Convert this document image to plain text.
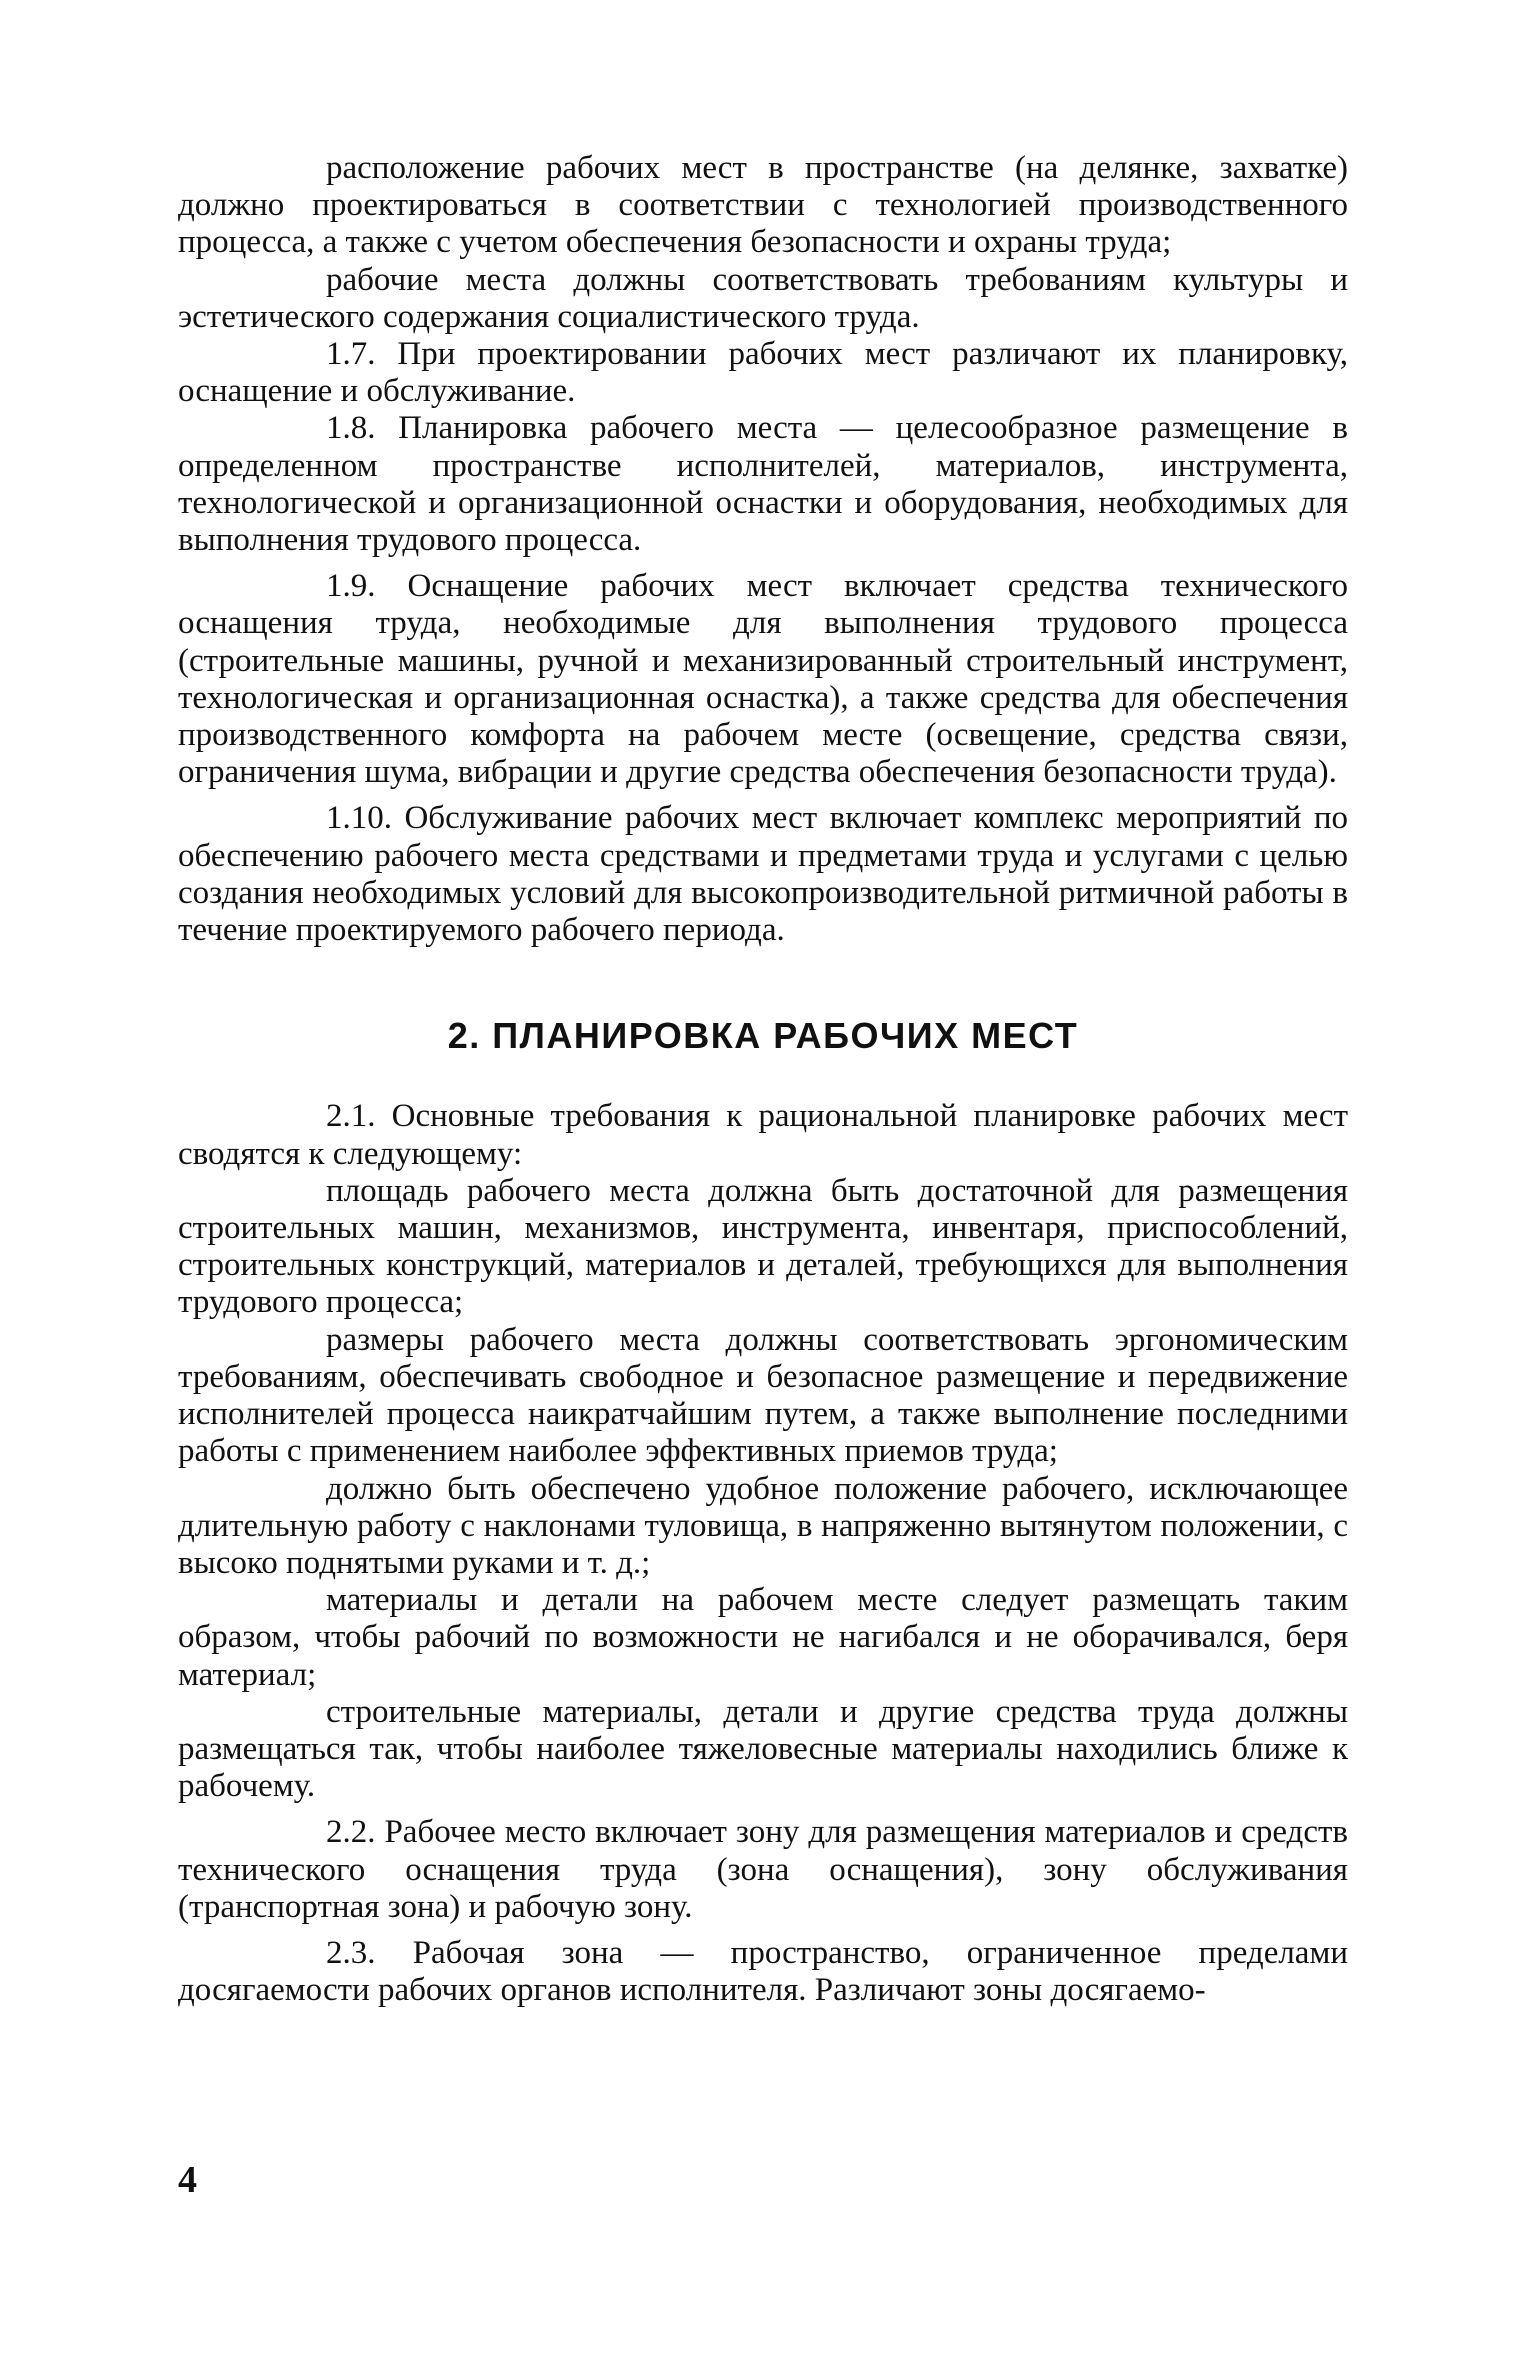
расположение рабочих мест в пространстве (на делянке, захватке) должно проектироваться в соответствии с технологией производственного процесса, а также с учетом обеспечения безопасности и охраны труда;

рабочие места должны соответствовать требованиям культуры и эстетического содержания социалистического труда.

1.7. При проектировании рабочих мест различают их планировку, оснащение и обслуживание.

1.8. Планировка рабочего места — целесообразное размещение в определенном пространстве исполнителей, материалов, инструмента, технологической и организационной оснастки и оборудования, необходимых для выполнения трудового процесса.

1.9. Оснащение рабочих мест включает средства технического оснащения труда, необходимые для выполнения трудового процесса (строительные машины, ручной и механизированный строительный инструмент, технологическая и организационная оснастка), а также средства для обеспечения производственного комфорта на рабочем месте (освещение, средства связи, ограничения шума, вибрации и другие средства обеспечения безопасности труда).

1.10. Обслуживание рабочих мест включает комплекс мероприятий по обеспечению рабочего места средствами и предметами труда и услугами с целью создания необходимых условий для высокопроизводительной ритмичной работы в течение проектируемого рабочего периода.

2. ПЛАНИРОВКА РАБОЧИХ МЕСТ

2.1. Основные требования к рациональной планировке рабочих мест сводятся к следующему:

площадь рабочего места должна быть достаточной для размещения строительных машин, механизмов, инструмента, инвентаря, приспособлений, строительных конструкций, материалов и деталей, требующихся для выполнения трудового процесса;

размеры рабочего места должны соответствовать эргономическим требованиям, обеспечивать свободное и безопасное размещение и передвижение исполнителей процесса наикратчайшим путем, а также выполнение последними работы с применением наиболее эффективных приемов труда;

должно быть обеспечено удобное положение рабочего, исключающее длительную работу с наклонами туловища, в напряженно вытянутом положении, с высоко поднятыми руками и т. д.;

материалы и детали на рабочем месте следует размещать таким образом, чтобы рабочий по возможности не нагибался и не оборачивался, беря материал;

строительные материалы, детали и другие средства труда должны размещаться так, чтобы наиболее тяжеловесные материалы находились ближе к рабочему.

2.2. Рабочее место включает зону для размещения материалов и средств технического оснащения труда (зона оснащения), зону обслуживания (транспортная зона) и рабочую зону.

2.3. Рабочая зона — пространство, ограниченное пределами досягаемости рабочих органов исполнителя. Различают зоны досягаемо-

4
